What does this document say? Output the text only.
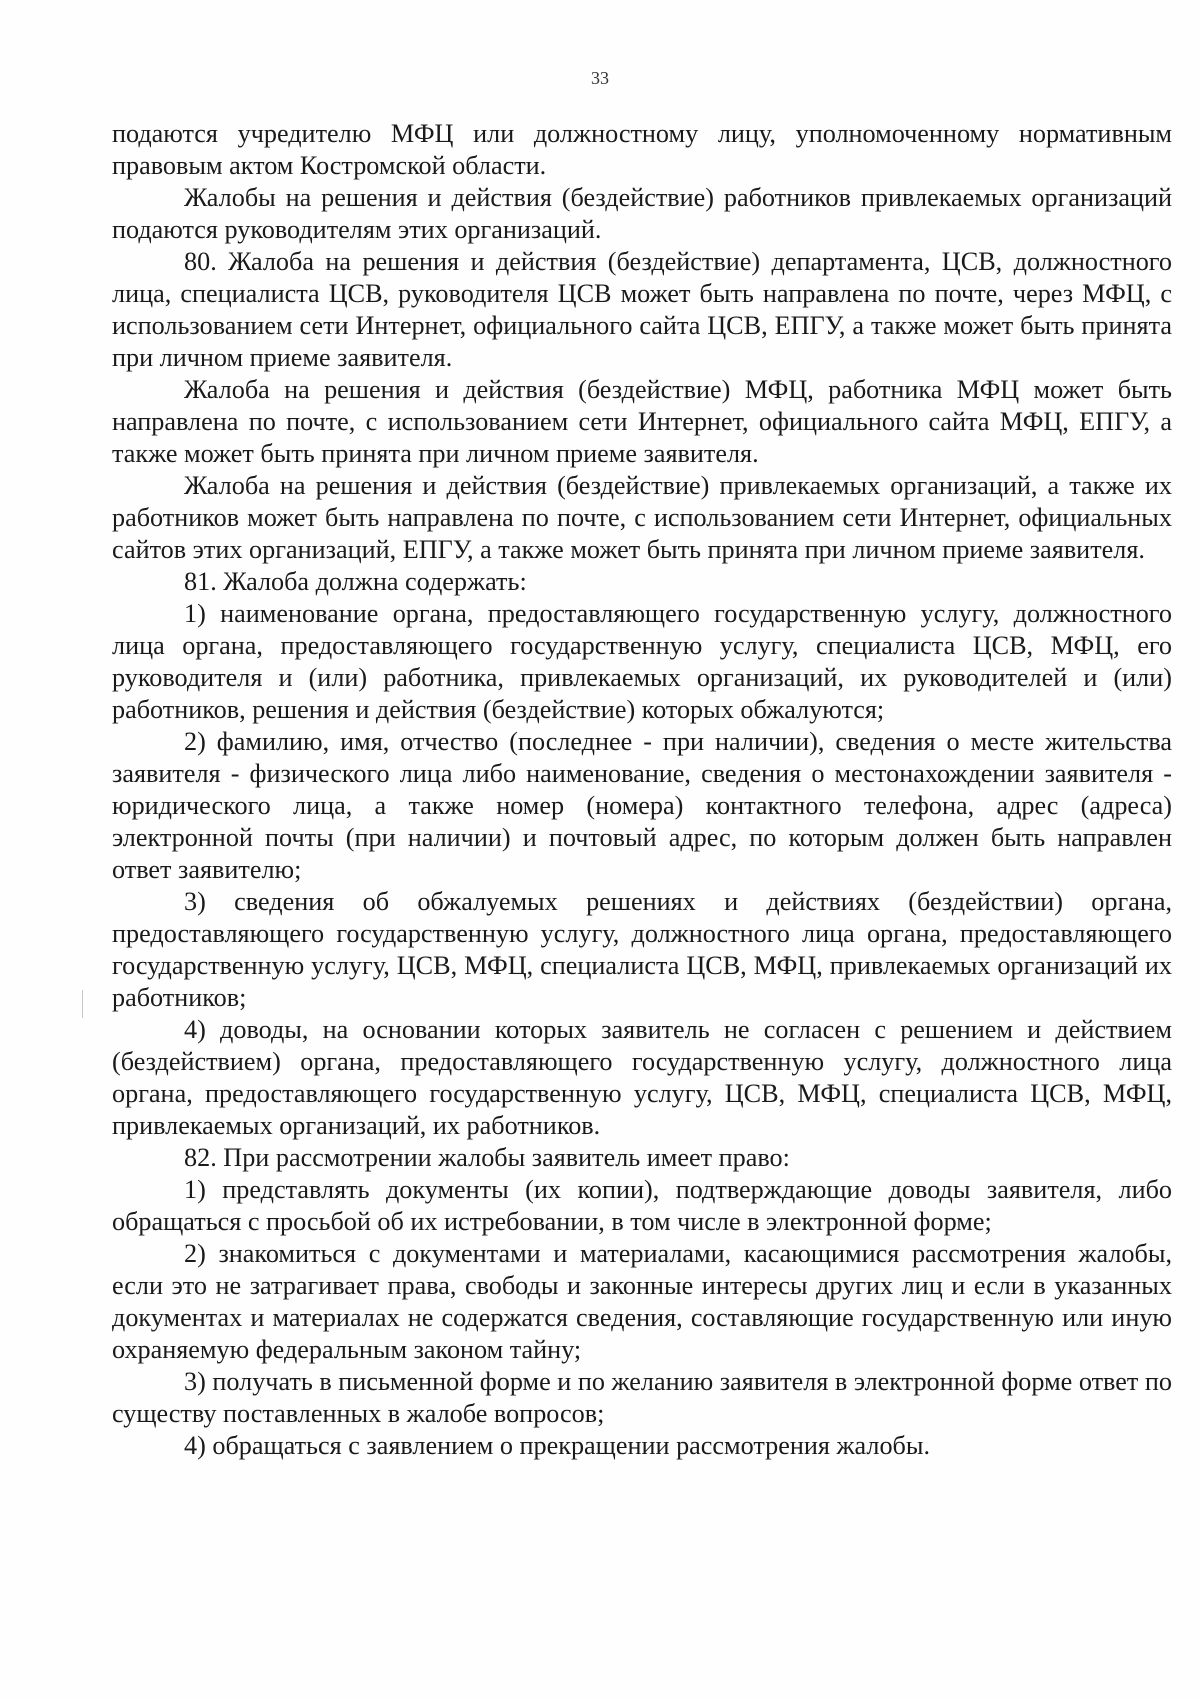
33

подаются учредителю МФЦ или должностному лицу, уполномоченному нормативным правовым актом Костромской области.

Жалобы на решения и действия (бездействие) работников привлекаемых организаций подаются руководителям этих организаций.

80. Жалоба на решения и действия (бездействие) департамента, ЦСВ, должностного лица, специалиста ЦСВ, руководителя ЦСВ может быть направлена по почте, через МФЦ, с использованием сети Интернет, официального сайта ЦСВ, ЕПГУ, а также может быть принята при личном приеме заявителя.

Жалоба на решения и действия (бездействие) МФЦ, работника МФЦ может быть направлена по почте, с использованием сети Интернет, официального сайта МФЦ, ЕПГУ, а также может быть принята при личном приеме заявителя.

Жалоба на решения и действия (бездействие) привлекаемых организаций, а также их работников может быть направлена по почте, с использованием сети Интернет, официальных сайтов этих организаций, ЕПГУ, а также может быть принята при личном приеме заявителя.

81. Жалоба должна содержать:

1) наименование органа, предоставляющего государственную услугу, должностного лица органа, предоставляющего государственную услугу, специалиста ЦСВ, МФЦ, его руководителя и (или) работника, привлекаемых организаций, их руководителей и (или) работников, решения и действия (бездействие) которых обжалуются;

2) фамилию, имя, отчество (последнее - при наличии), сведения о месте жительства заявителя - физического лица либо наименование, сведения о местонахождении заявителя - юридического лица, а также номер (номера) контактного телефона, адрес (адреса) электронной почты (при наличии) и почтовый адрес, по которым должен быть направлен ответ заявителю;

3) сведения об обжалуемых решениях и действиях (бездействии) органа, предоставляющего государственную услугу, должностного лица органа, предоставляющего государственную услугу, ЦСВ, МФЦ, специалиста ЦСВ, МФЦ, привлекаемых организаций их работников;

4) доводы, на основании которых заявитель не согласен с решением и действием (бездействием) органа, предоставляющего государственную услугу, должностного лица органа, предоставляющего государственную услугу, ЦСВ, МФЦ, специалиста ЦСВ, МФЦ, привлекаемых организаций, их работников.

82. При рассмотрении жалобы заявитель имеет право:

1) представлять документы (их копии), подтверждающие доводы заявителя, либо обращаться с просьбой об их истребовании, в том числе в электронной форме;

2) знакомиться с документами и материалами, касающимися рассмотрения жалобы, если это не затрагивает права, свободы и законные интересы других лиц и если в указанных документах и материалах не содержатся сведения, составляющие государственную или иную охраняемую федеральным законом тайну;

3) получать в письменной форме и по желанию заявителя в электронной форме ответ по существу поставленных в жалобе вопросов;

4) обращаться с заявлением о прекращении рассмотрения жалобы.
